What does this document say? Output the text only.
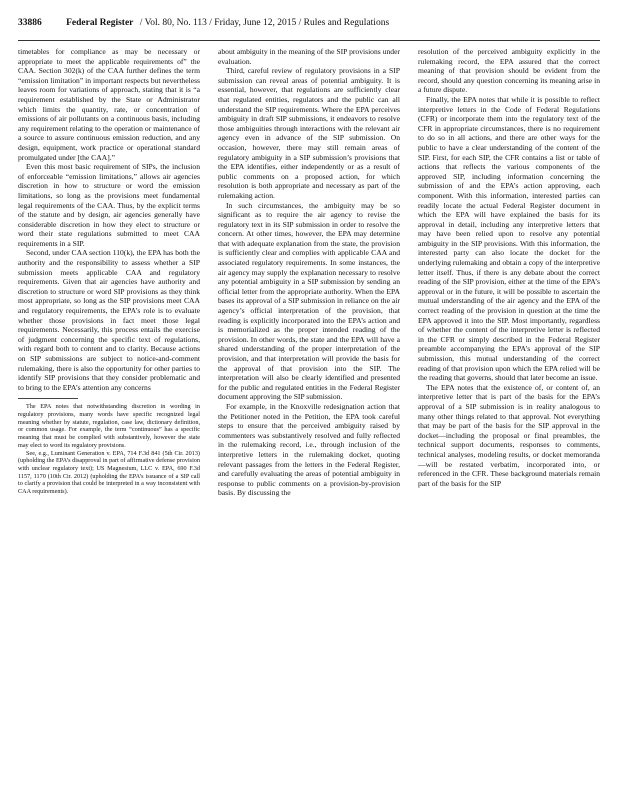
33886	Federal Register / Vol. 80, No. 113 / Friday, June 12, 2015 / Rules and Regulations

timetables for compliance as may be necessary or appropriate to meet the applicable requirements of” the CAA. Section 302(k) of the CAA further defines the term “emission limitation” in important respects but nevertheless leaves room for variations of approach, stating that it is “a requirement established by the State or Administrator which limits the quantity, rate, or concentration of emissions of air pollutants on a continuous basis, including any requirement relating to the operation or maintenance of a source to assure continuous emission reduction, and any design, equipment, work practice or operational standard promulgated under [the CAA].”

Even this most basic requirement of SIPs, the inclusion of enforceable “emission limitations,” allows air agencies discretion in how to structure or word the emission limitations, so long as the provisions meet fundamental legal requirements of the CAA. Thus, by the explicit terms of the statute and by design, air agencies generally have considerable discretion in how they elect to structure or word their state regulations submitted to meet CAA requirements in a SIP.

Second, under CAA section 110(k), the EPA has both the authority and the responsibility to assess whether a SIP submission meets applicable CAA and regulatory requirements. Given that air agencies have authority and discretion to structure or word SIP provisions as they think most appropriate, so long as the SIP provisions meet CAA and regulatory requirements, the EPA’s role is to evaluate whether those provisions in fact meet those legal requirements. Necessarily, this process entails the exercise of judgment concerning the specific text of regulations, with regard both to content and to clarity. Because actions on SIP submissions are subject to notice-and-comment rulemaking, there is also the opportunity for other parties to identify SIP provisions that they consider problematic and to bring to the EPA’s attention any concerns

The EPA notes that notwithstanding discretion in wording in regulatory provisions, many words have specific recognized legal meaning whether by statute, regulation, case law, dictionary definition, or common usage. For example, the term “continuous” has a specific meaning that must be complied with substantively, however the state may elect to word its regulatory provisions.

See, e.g., Luminant Generation v. EPA, 714 F.3d 841 (5th Cir. 2013) (upholding the EPA’s disapproval in part of affirmative defense provision with unclear regulatory text); US Magnesium, LLC v. EPA, 690 F.3d 1157, 1170 (10th Cir. 2012) (upholding the EPA’s issuance of a SIP call to clarify a provision that could be interpreted in a way inconsistent with CAA requirements).

about ambiguity in the meaning of the SIP provisions under evaluation.

Third, careful review of regulatory provisions in a SIP submission can reveal areas of potential ambiguity. It is essential, however, that regulations are sufficiently clear that regulated entities, regulators and the public can all understand the SIP requirements. Where the EPA perceives ambiguity in draft SIP submissions, it endeavors to resolve those ambiguities through interactions with the relevant air agency even in advance of the SIP submission. On occasion, however, there may still remain areas of regulatory ambiguity in a SIP submission’s provisions that the EPA identifies, either independently or as a result of public comments on a proposed action, for which resolution is both appropriate and necessary as part of the rulemaking action.

In such circumstances, the ambiguity may be so significant as to require the air agency to revise the regulatory text in its SIP submission in order to resolve the concern. At other times, however, the EPA may determine that with adequate explanation from the state, the provision is sufficiently clear and complies with applicable CAA and associated regulatory requirements. In some instances, the air agency may supply the explanation necessary to resolve any potential ambiguity in a SIP submission by sending an official letter from the appropriate authority. When the EPA bases its approval of a SIP submission in reliance on the air agency’s official interpretation of the provision, that reading is explicitly incorporated into the EPA’s action and is memorialized as the proper intended reading of the provision. In other words, the state and the EPA will have a shared understanding of the proper interpretation of the provision, and that interpretation will provide the basis for the approval of that provision into the SIP. The interpretation will also be clearly identified and presented for the public and regulated entities in the Federal Register document approving the SIP submission.

For example, in the Knoxville redesignation action that the Petitioner noted in the Petition, the EPA took careful steps to ensure that the perceived ambiguity raised by commenters was substantively resolved and fully reflected in the rulemaking record, i.e., through inclusion of the interpretive letters in the rulemaking docket, quoting relevant passages from the letters in the Federal Register, and carefully evaluating the areas of potential ambiguity in response to public comments on a provision-by-provision basis. By discussing the

resolution of the perceived ambiguity explicitly in the rulemaking record, the EPA assured that the correct meaning of that provision should be evident from the record, should any question concerning its meaning arise in a future dispute.

Finally, the EPA notes that while it is possible to reflect interpretive letters in the Code of Federal Regulations (CFR) or incorporate them into the regulatory text of the CFR in appropriate circumstances, there is no requirement to do so in all actions, and there are other ways for the public to have a clear understanding of the content of the SIP. First, for each SIP, the CFR contains a list or table of actions that reflects the various components of the approved SIP, including information concerning the submission of and the EPA’s action approving, each component. With this information, interested parties can readily locate the actual Federal Register document in which the EPA will have explained the basis for its approval in detail, including any interpretive letters that may have been relied upon to resolve any potential ambiguity in the SIP provisions. With this information, the interested party can also locate the docket for the underlying rulemaking and obtain a copy of the interpretive letter itself. Thus, if there is any debate about the correct reading of the SIP provision, either at the time of the EPA’s approval or in the future, it will be possible to ascertain the mutual understanding of the air agency and the EPA of the correct reading of the provision in question at the time the EPA approved it into the SIP. Most importantly, regardless of whether the content of the interpretive letter is reflected in the CFR or simply described in the Federal Register preamble accompanying the EPA’s approval of the SIP submission, this mutual understanding of the correct reading of that provision upon which the EPA relied will be the reading that governs, should that later become an issue.

The EPA notes that the existence of, or content of, an interpretive letter that is part of the basis for the EPA’s approval of a SIP submission is in reality analogous to many other things related to that approval. Not everything that may be part of the basis for the SIP approval in the docket—including the proposal or final preambles, the technical support documents, responses to comments, technical analyses, modeling results, or docket memoranda—will be restated verbatim, incorporated into, or referenced in the CFR. These background materials remain part of the basis for the SIP
